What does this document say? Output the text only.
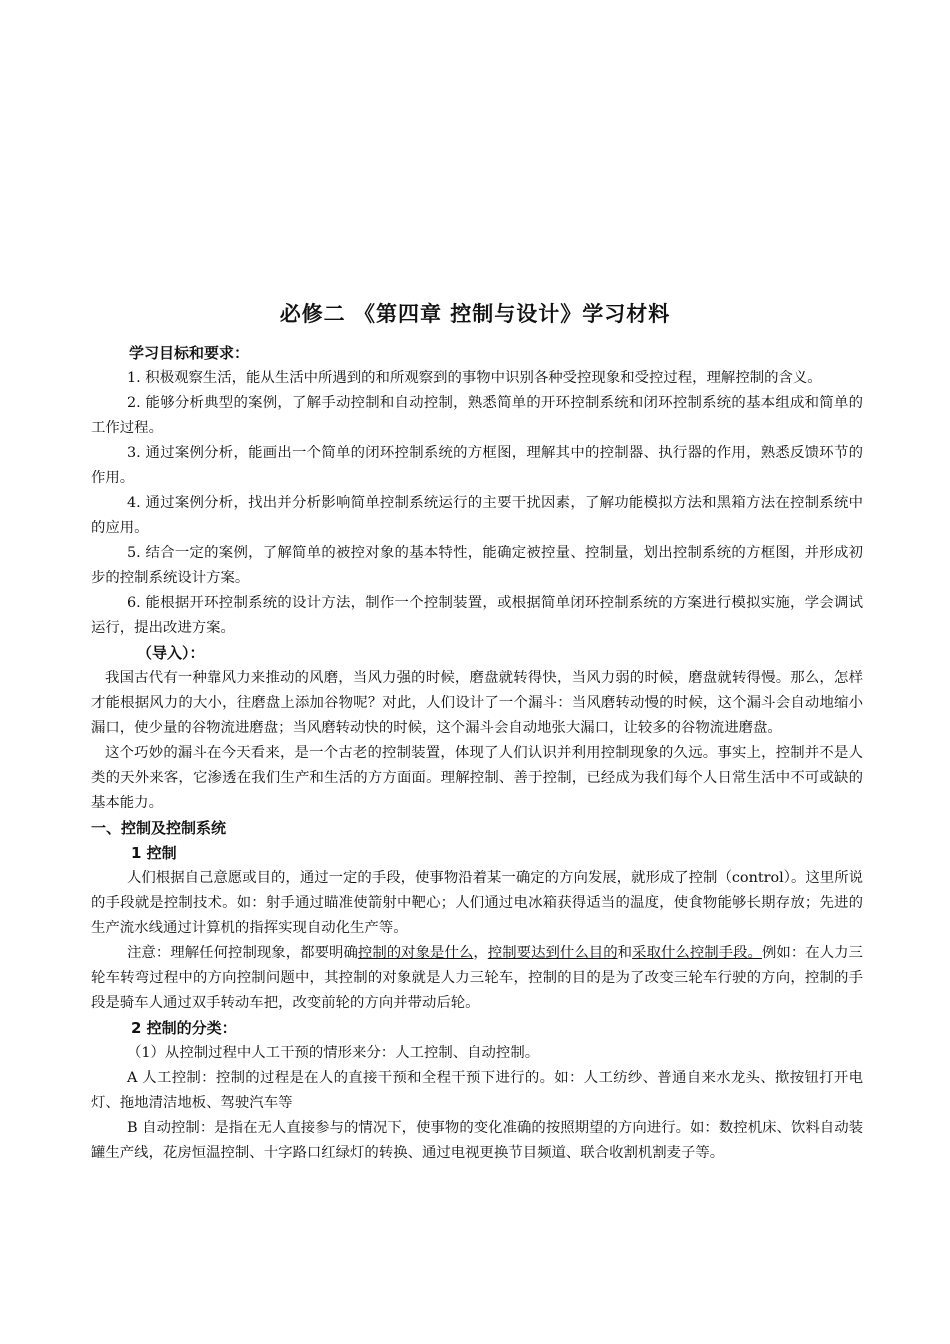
必修二 《第四章 控制与设计》学习材料

学习目标和要求：

1. 积极观察生活，能从生活中所遇到的和所观察到的事物中识别各种受控现象和受控过程，理解控制的含义。

2. 能够分析典型的案例，了解手动控制和自动控制，熟悉简单的开环控制系统和闭环控制系统的基本组成和简单的工作过程。

3. 通过案例分析，能画出一个简单的闭环控制系统的方框图，理解其中的控制器、执行器的作用，熟悉反馈环节的作用。

4. 通过案例分析，找出并分析影响简单控制系统运行的主要干扰因素，了解功能模拟方法和黑箱方法在控制系统中的应用。

5. 结合一定的案例，了解简单的被控对象的基本特性，能确定被控量、控制量，划出控制系统的方框图，并形成初步的控制系统设计方案。

6. 能根据开环控制系统的设计方法，制作一个控制装置，或根据简单闭环控制系统的方案进行模拟实施，学会调试运行，提出改进方案。

（导入）：

我国古代有一种靠风力来推动的风磨，当风力强的时候，磨盘就转得快，当风力弱的时候，磨盘就转得慢。那么，怎样才能根据风力的大小，往磨盘上添加谷物呢？对此，人们设计了一个漏斗：当风磨转动慢的时候，这个漏斗会自动地缩小漏口，使少量的谷物流进磨盘；当风磨转动快的时候，这个漏斗会自动地张大漏口，让较多的谷物流进磨盘。

这个巧妙的漏斗在今天看来，是一个古老的控制装置，体现了人们认识并利用控制现象的久远。事实上，控制并不是人类的天外来客，它渗透在我们生产和生活的方方面面。理解控制、善于控制，已经成为我们每个人日常生活中不可或缺的基本能力。

一、控制及控制系统

1 控制

人们根据自己意愿或目的，通过一定的手段，使事物沿着某一确定的方向发展，就形成了控制（control）。这里所说的手段就是控制技术。如：射手通过瞄准使箭射中靶心；人们通过电冰箱获得适当的温度，使食物能够长期存放；先进的生产流水线通过计算机的指挥实现自动化生产等。

注意：理解任何控制现象，都要明确控制的对象是什么，控制要达到什么目的和采取什么控制手段。例如：在人力三轮车转弯过程中的方向控制问题中，其控制的对象就是人力三轮车，控制的目的是为了改变三轮车行驶的方向，控制的手段是骑车人通过双手转动车把，改变前轮的方向并带动后轮。

2 控制的分类：

（1）从控制过程中人工干预的情形来分：人工控制、自动控制。

A 人工控制：控制的过程是在人的直接干预和全程干预下进行的。如：人工纺纱、普通自来水龙头、揿按钮打开电灯、拖地清洁地板、驾驶汽车等

B 自动控制：是指在无人直接参与的情况下，使事物的变化准确的按照期望的方向进行。如：数控机床、饮料自动装罐生产线，花房恒温控制、十字路口红绿灯的转换、通过电视更换节目频道、联合收割机割麦子等。
